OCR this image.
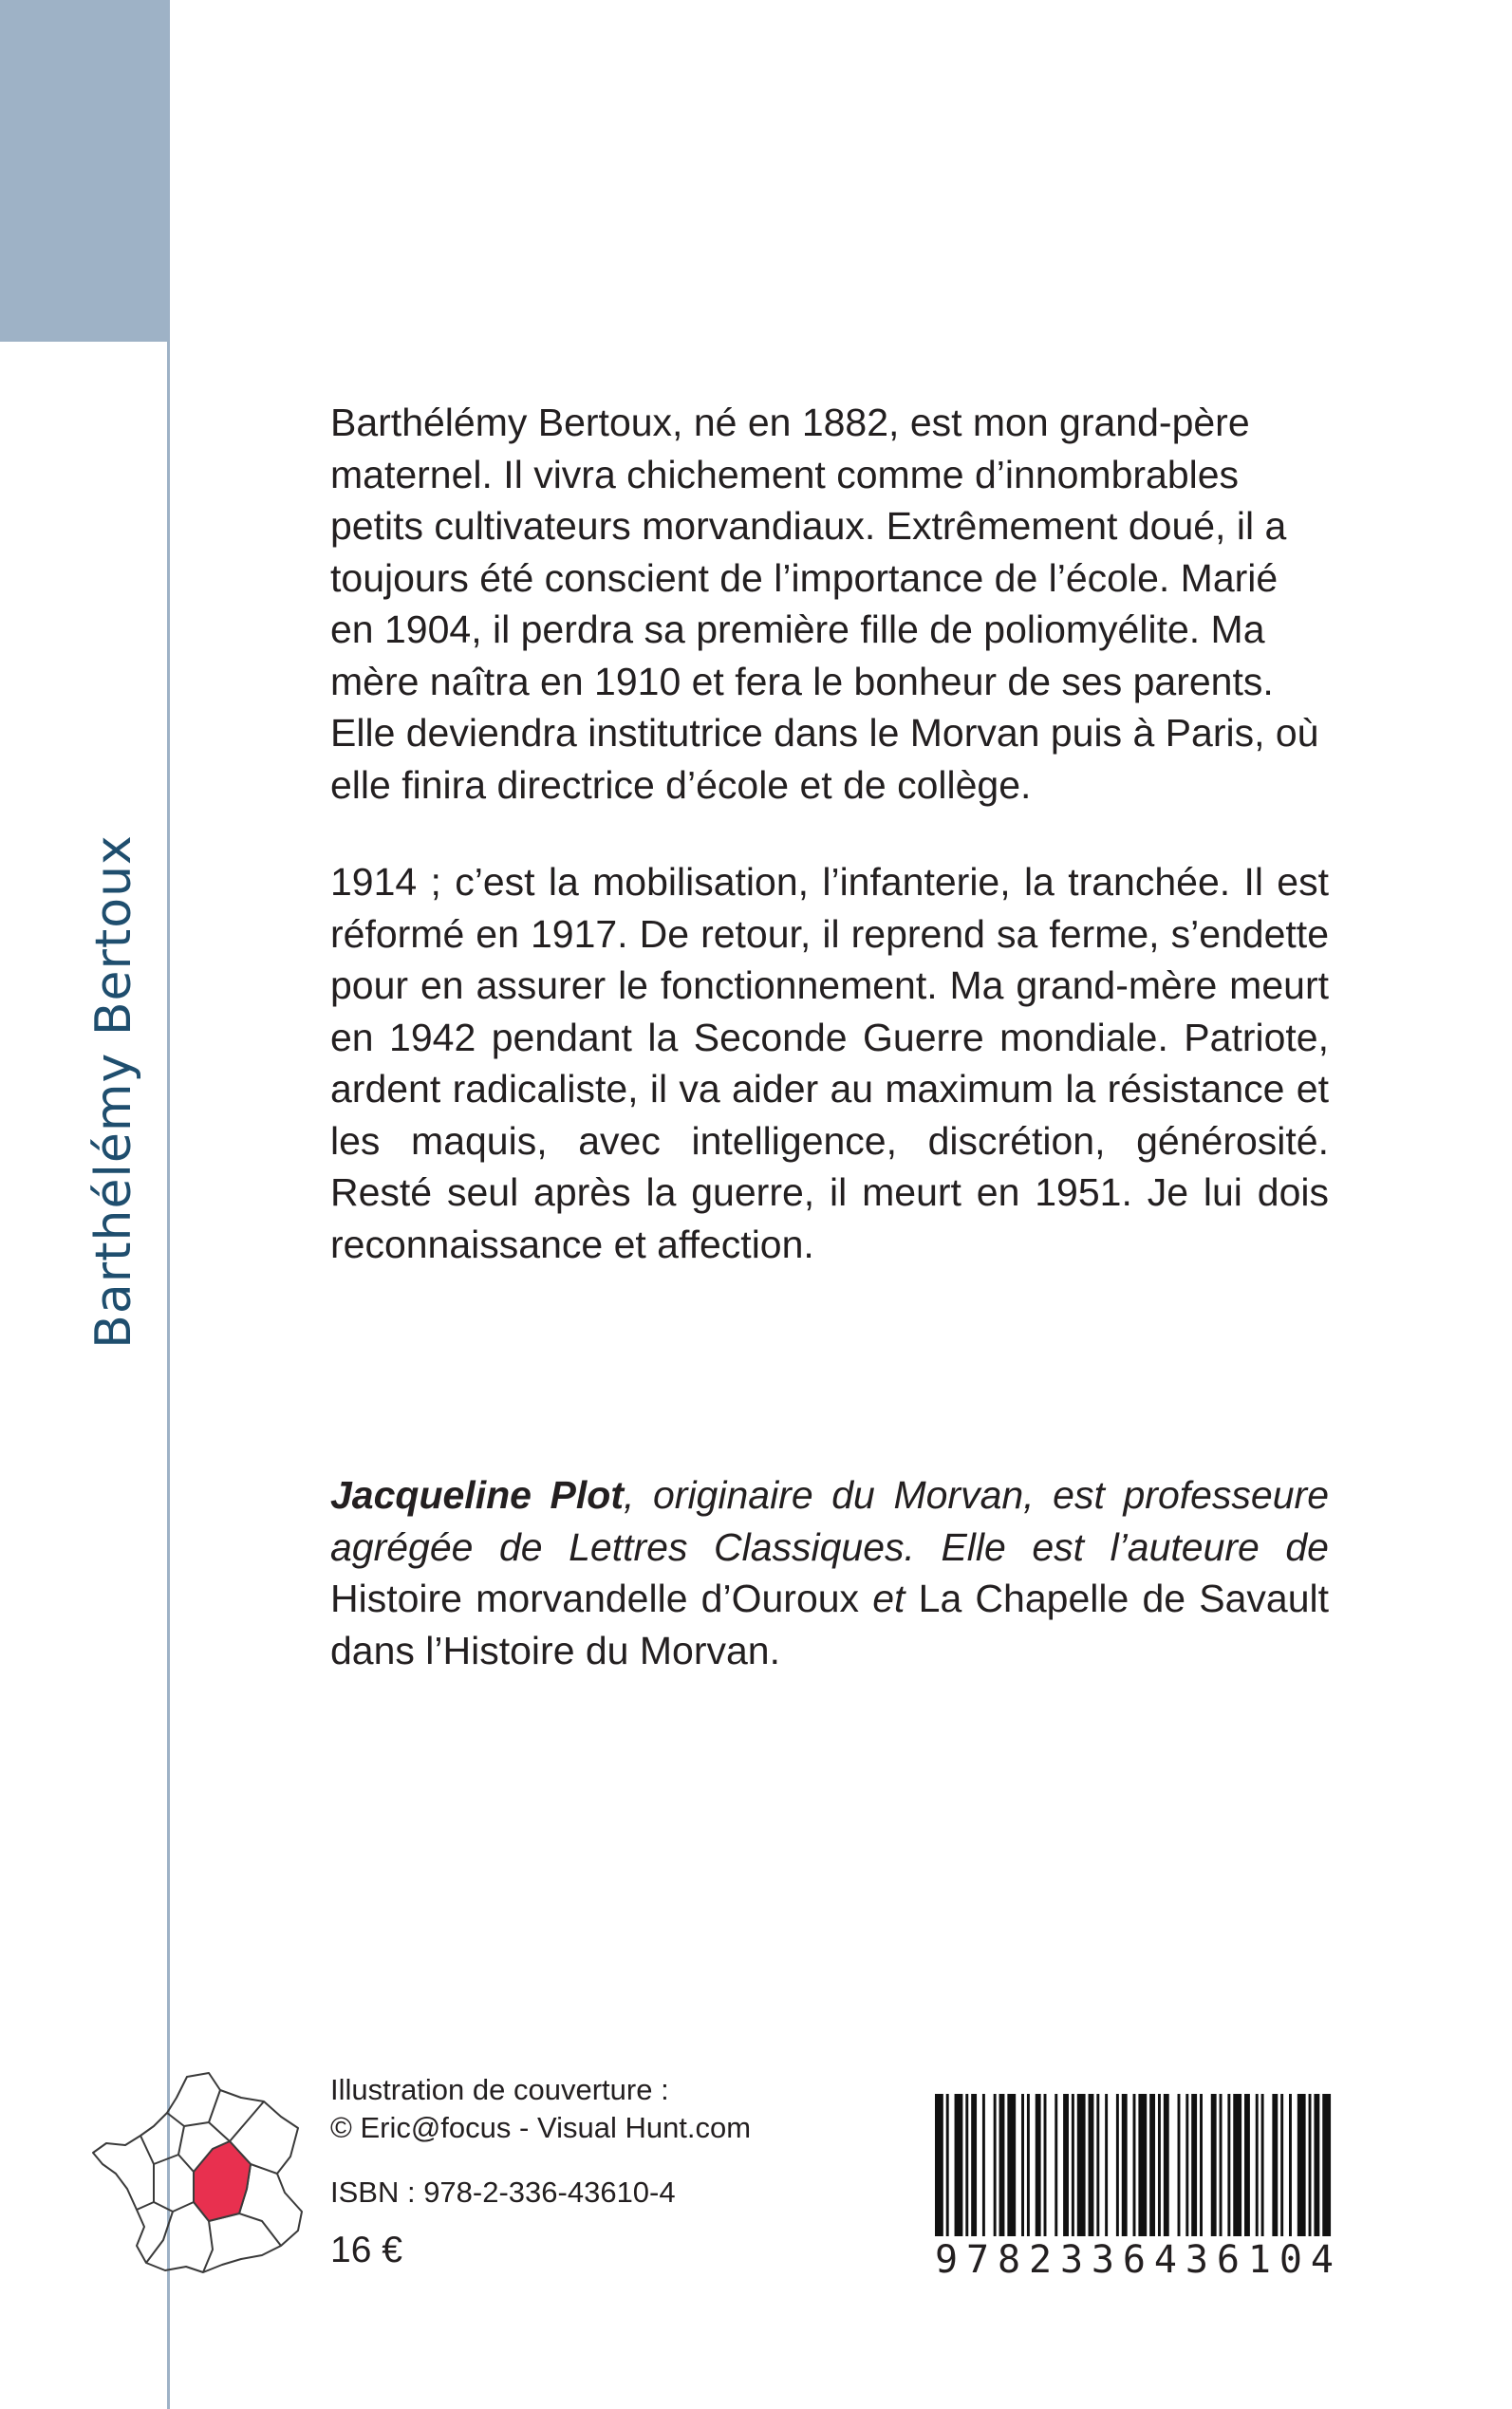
Barthélémy Bertoux

Barthélémy Bertoux, né en 1882, est mon grand-père maternel. Il vivra chichement comme d’innombrables petits cultivateurs morvandiaux. Extrêmement doué, il a toujours été conscient de l’importance de l’école. Marié en 1904, il perdra sa première fille de poliomyélite. Ma mère naîtra en 1910 et fera le bonheur de ses parents. Elle deviendra institutrice dans le Morvan puis à Paris, où elle finira directrice d’école et de collège.

1914 ; c’est la mobilisation, l’infanterie, la tranchée. Il est réformé en 1917. De retour, il reprend sa ferme, s’endette pour en assurer le fonctionnement. Ma grand-mère meurt en 1942 pendant la Seconde Guerre mondiale. Patriote, ardent radicaliste, il va aider au maximum la résistance et les maquis, avec intelligence, discrétion, générosité. Resté seul après la guerre, il meurt en 1951. Je lui dois reconnaissance et affection.

Jacqueline Plot, originaire du Morvan, est professeure agrégée de Lettres Classiques. Elle est l’auteure de Histoire morvandelle d’Ouroux et La Chapelle de Savault dans l’Histoire du Morvan.
Illustration de couverture :
© Eric@focus - Visual Hunt.com
ISBN : 978-2-336-43610-4
16 €	9 7 8 2 3 3 6 4 3 6 1 0 4
